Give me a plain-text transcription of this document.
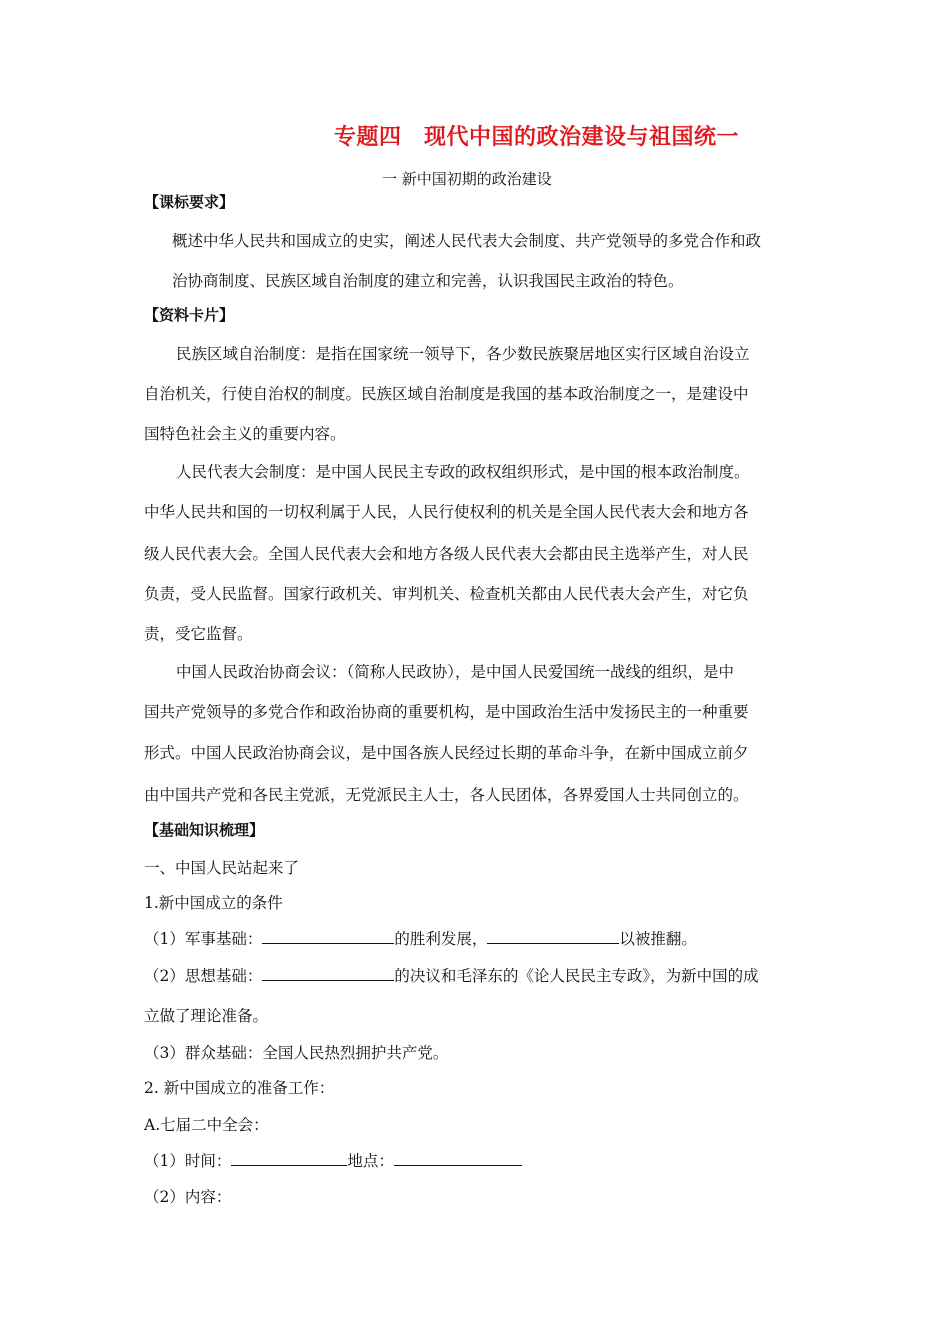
专题四　现代中国的政治建设与祖国统一
一 新中国初期的政治建设
【课标要求】
概述中华人民共和国成立的史实，阐述人民代表大会制度、共产党领导的多党合作和政
治协商制度、民族区域自治制度的建立和完善，认识我国民主政治的特色。
【资料卡片】
民族区域自治制度：是指在国家统一领导下，各少数民族聚居地区实行区域自治设立
自治机关，行使自治权的制度。民族区域自治制度是我国的基本政治制度之一，是建设中
国特色社会主义的重要内容。
人民代表大会制度：是中国人民民主专政的政权组织形式，是中国的根本政治制度。
中华人民共和国的一切权利属于人民，人民行使权利的机关是全国人民代表大会和地方各
级人民代表大会。全国人民代表大会和地方各级人民代表大会都由民主选举产生，对人民
负责，受人民监督。国家行政机关、审判机关、检查机关都由人民代表大会产生，对它负
责，受它监督。
中国人民政治协商会议：（简称人民政协），是中国人民爱国统一战线的组织，是中
国共产党领导的多党合作和政治协商的重要机构，是中国政治生活中发扬民主的一种重要
形式。中国人民政治协商会议，是中国各族人民经过长期的革命斗争，在新中国成立前夕
由中国共产党和各民主党派，无党派民主人士，各人民团体，各界爱国人士共同创立的。
【基础知识梳理】
一、中国人民站起来了
1.新中国成立的条件
（1）军事基础：	的胜利发展，	以被推翻。
（2）思想基础：	的决议和毛泽东的《论人民民主专政》，为新中国的成
立做了理论准备。
（3）群众基础：全国人民热烈拥护共产党。
2. 新中国成立的准备工作：
A.七届二中全会：
（1）时间：	地点：
（2）内容：
